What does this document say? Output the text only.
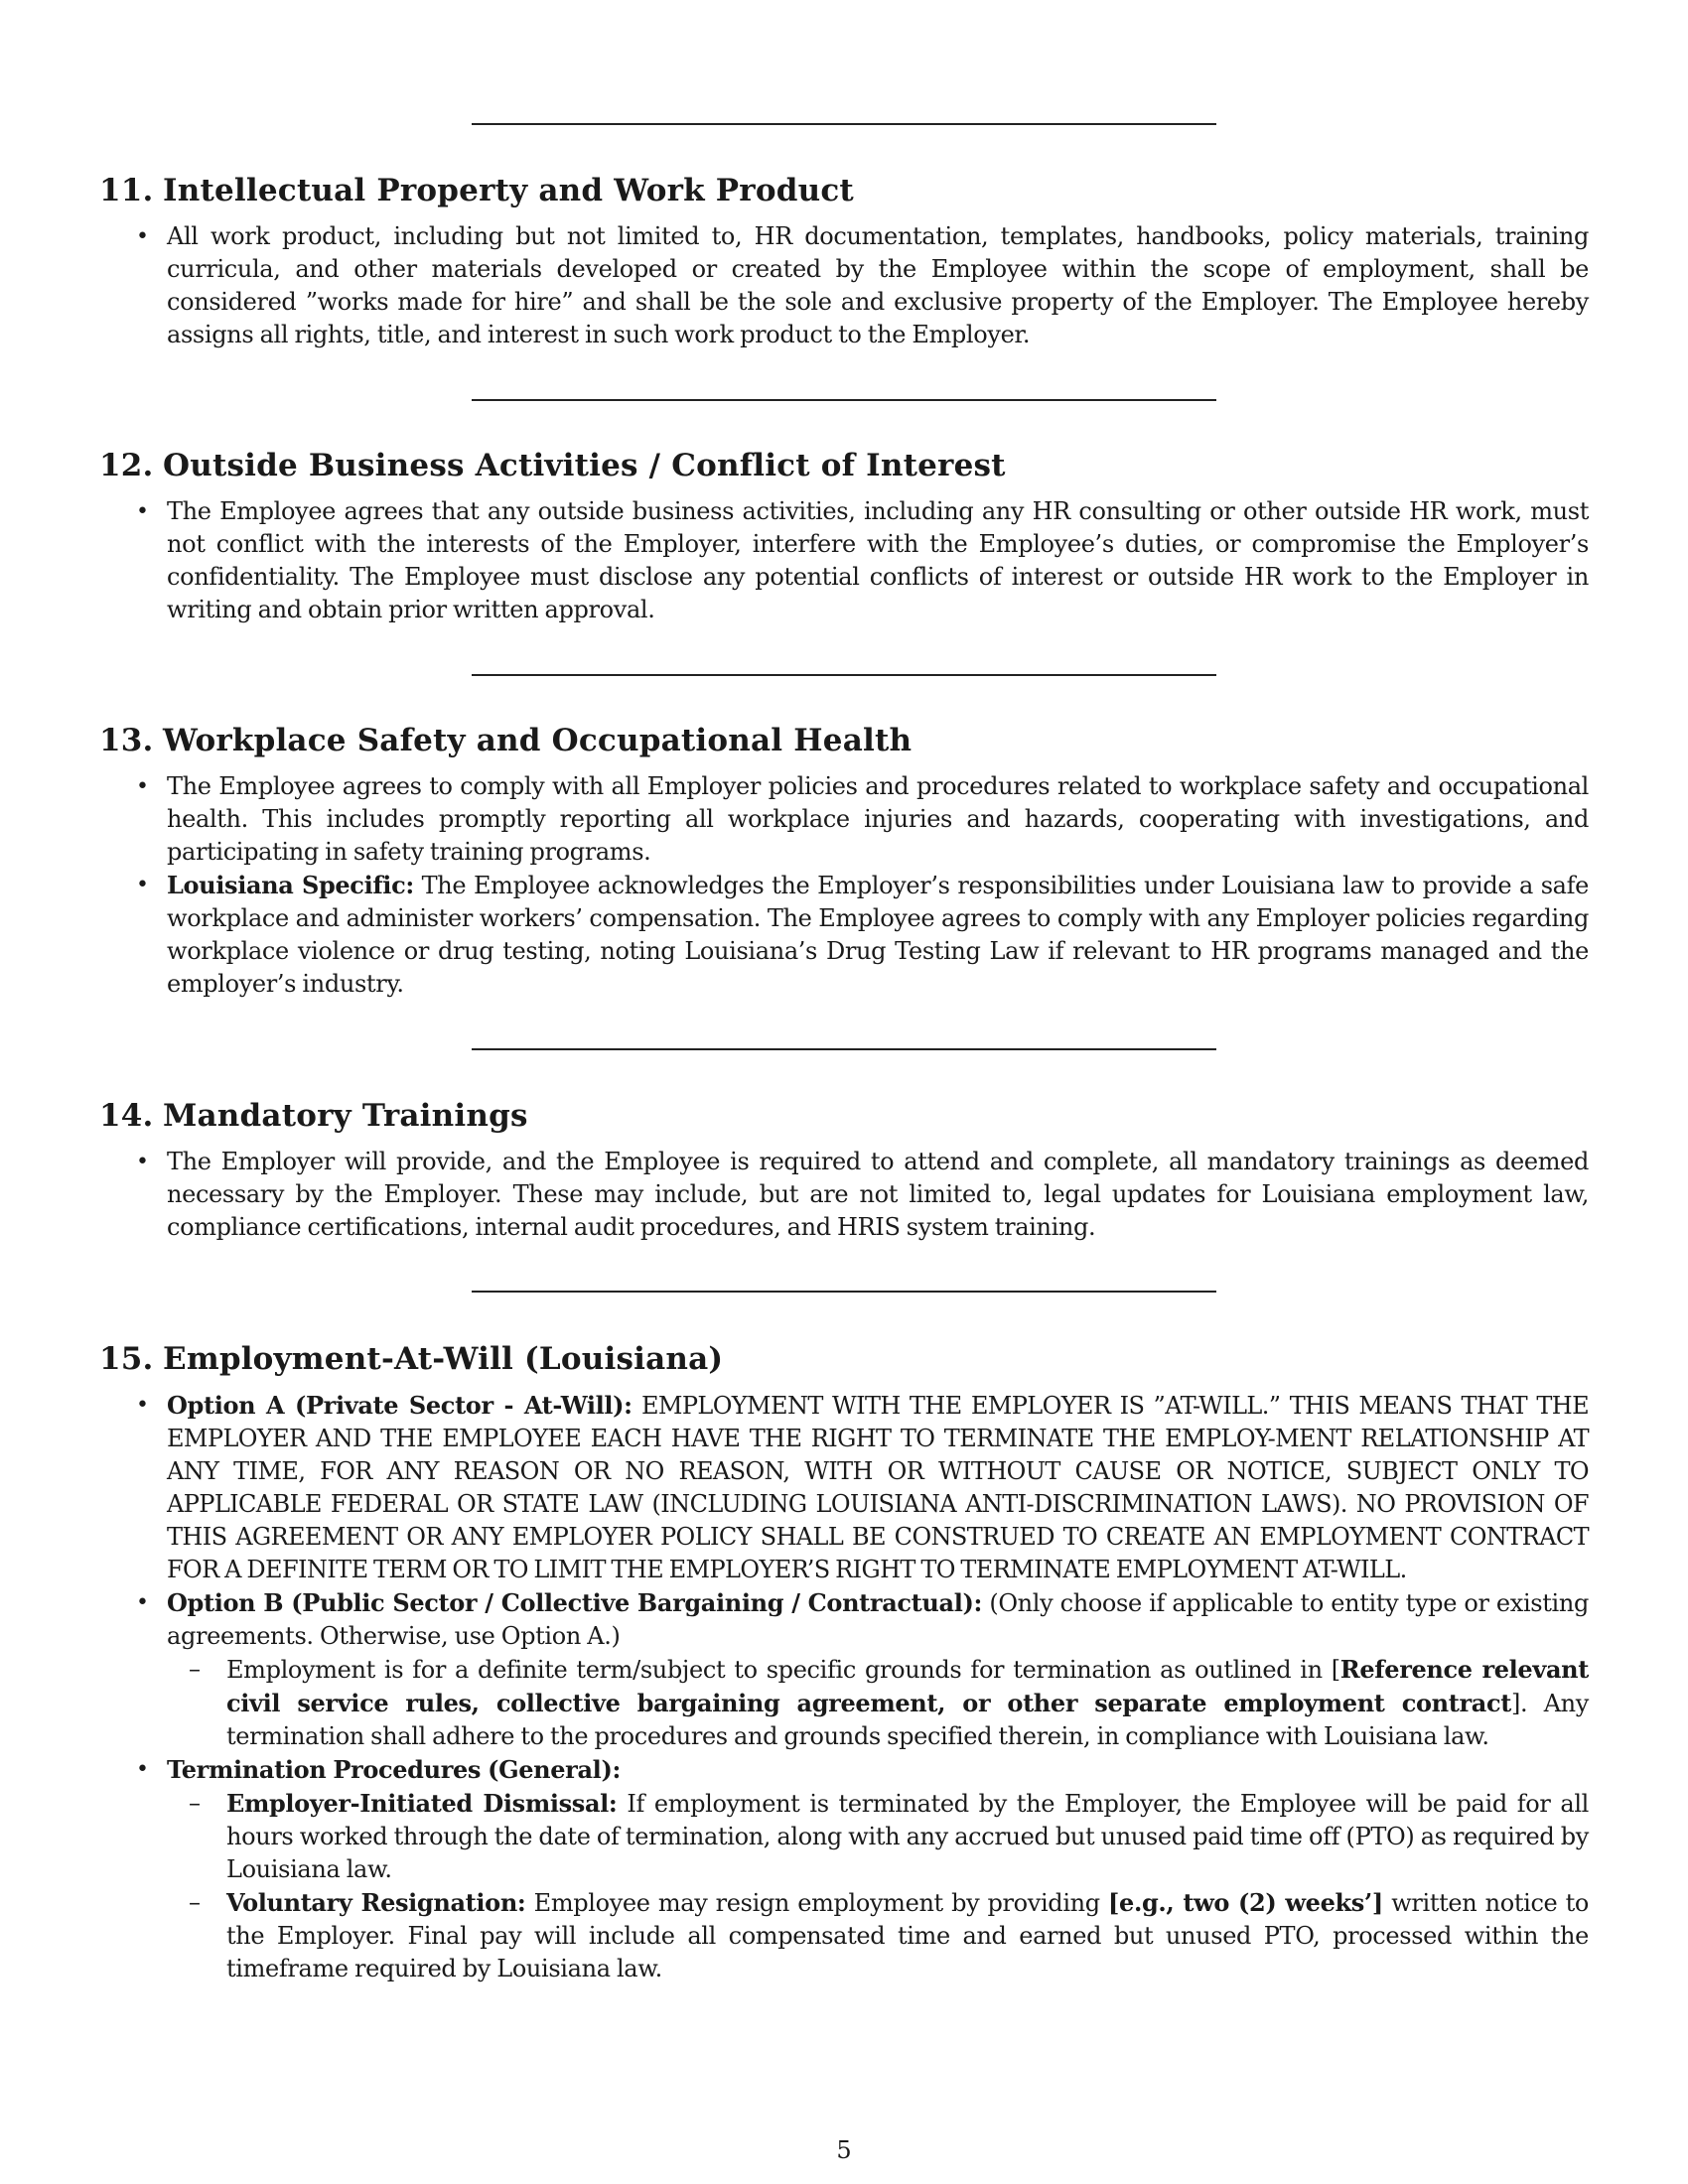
11. Intellectual Property and Work Product
• All work product, including but not limited to, HR documentation, templates, handbooks, policy materials, training curricula, and other materials developed or created by the Employee within the scope of employment, shall be considered ”works made for hire” and shall be the sole and exclusive property of the Employer. The Employee hereby assigns all rights, title, and interest in such work product to the Employer.
12. Outside Business Activities / Conflict of Interest
• The Employee agrees that any outside business activities, including any HR consulting or other outside HR work, must not conflict with the interests of the Employer, interfere with the Employee’s duties, or compromise the Employer’s confidentiality. The Employee must disclose any potential conflicts of interest or outside HR work to the Employer in writing and obtain prior written approval.
13. Workplace Safety and Occupational Health
• The Employee agrees to comply with all Employer policies and procedures related to workplace safety and occupational health. This includes promptly reporting all workplace injuries and hazards, cooperating with investigations, and participating in safety training programs.
• Louisiana Specific: The Employee acknowledges the Employer’s responsibilities under Louisiana law to provide a safe workplace and administer workers’ compensation. The Employee agrees to comply with any Employer policies regarding workplace violence or drug testing, noting Louisiana’s Drug Testing Law if relevant to HR programs managed and the employer’s industry.
14. Mandatory Trainings
• The Employer will provide, and the Employee is required to attend and complete, all mandatory trainings as deemed necessary by the Employer. These may include, but are not limited to, legal updates for Louisiana employment law, compliance certifications, internal audit procedures, and HRIS system training.
15. Employment-At-Will (Louisiana)
• Option A (Private Sector - At-Will): EMPLOYMENT WITH THE EMPLOYER IS ”AT-WILL.” THIS MEANS THAT THE EMPLOYER AND THE EMPLOYEE EACH HAVE THE RIGHT TO TERMINATE THE EMPLOY-MENT RELATIONSHIP AT ANY TIME, FOR ANY REASON OR NO REASON, WITH OR WITHOUT CAUSE OR NOTICE, SUBJECT ONLY TO APPLICABLE FEDERAL OR STATE LAW (INCLUDING LOUISIANA ANTI-DISCRIMINATION LAWS). NO PROVISION OF THIS AGREEMENT OR ANY EMPLOYER POLICY SHALL BE CONSTRUED TO CREATE AN EMPLOYMENT CONTRACT FOR A DEFINITE TERM OR TO LIMIT THE EMPLOYER’S RIGHT TO TERMINATE EMPLOYMENT AT-WILL.
• Option B (Public Sector / Collective Bargaining / Contractual): (Only choose if applicable to entity type or existing agreements. Otherwise, use Option A.)
– Employment is for a definite term/subject to specific grounds for termination as outlined in [Reference relevant civil service rules, collective bargaining agreement, or other separate employment contract]. Any termination shall adhere to the procedures and grounds specified therein, in compliance with Louisiana law.
• Termination Procedures (General):
– Employer-Initiated Dismissal: If employment is terminated by the Employer, the Employee will be paid for all hours worked through the date of termination, along with any accrued but unused paid time off (PTO) as required by Louisiana law.
– Voluntary Resignation: Employee may resign employment by providing [e.g., two (2) weeks’] written notice to the Employer. Final pay will include all compensated time and earned but unused PTO, processed within the timeframe required by Louisiana law.
5
